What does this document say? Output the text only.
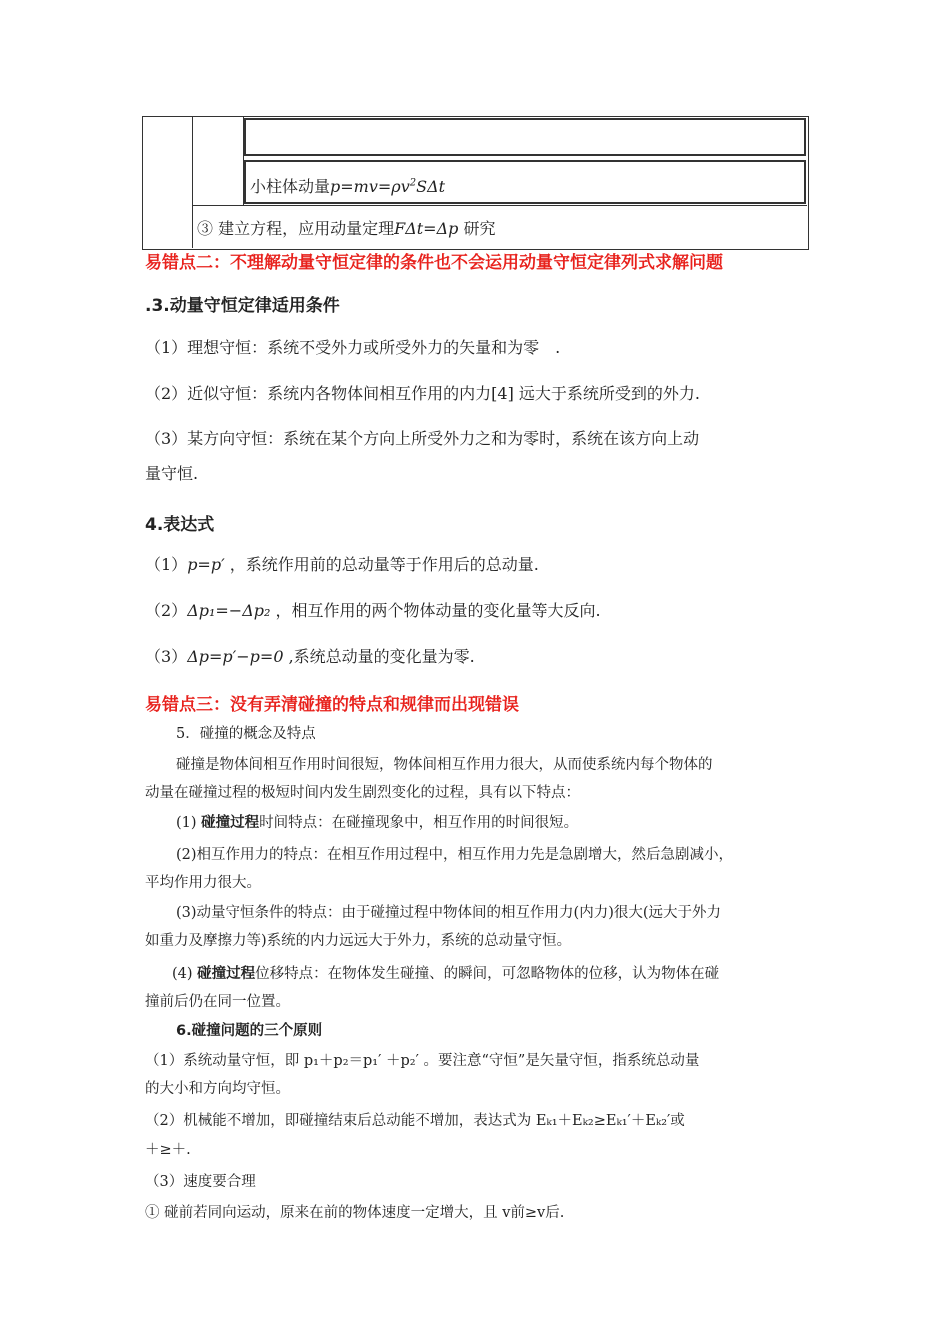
小柱体动量$p=mv=\rho v^2S\Delta t$
③ 建立方程，应用动量定理FΔt=Δp 研究
易错点二：不理解动量守恒定律的条件也不会运用动量守恒定律列式求解问题
.3.动量守恒定律适用条件
（1）理想守恒：系统不受外力或所受外力的矢量和为零　.
（2）近似守恒：系统内各物体间相互作用的内力[4] 远大于系统所受到的外力.
（3）某方向守恒：系统在某个方向上所受外力之和为零时，系统在该方向上动
量守恒.
4.表达式
（1）p=p′ ，系统作用前的总动量等于作用后的总动量.
（2）Δp₁=−Δp₂ ，相互作用的两个物体动量的变化量等大反向.
（3）Δp=p′−p=0 ,系统总动量的变化量为零.
易错点三：没有弄清碰撞的特点和规律而出现错误
5．碰撞的概念及特点
碰撞是物体间相互作用时间很短，物体间相互作用力很大，从而使系统内每个物体的
动量在碰撞过程的极短时间内发生剧烈变化的过程，具有以下特点：
(1) 碰撞过程时间特点：在碰撞现象中，相互作用的时间很短。
(2)相互作用力的特点：在相互作用过程中，相互作用力先是急剧增大，然后急剧减小，
平均作用力很大。
(3)动量守恒条件的特点：由于碰撞过程中物体间的相互作用力(内力)很大(远大于外力
如重力及摩擦力等)系统的内力远远大于外力，系统的总动量守恒。
(4) 碰撞过程位移特点：在物体发生碰撞、的瞬间，可忽略物体的位移，认为物体在碰
撞前后仍在同一位置。
6.碰撞问题的三个原则
（1）系统动量守恒，即 p₁＋p₂＝p₁′ ＋p₂′ 。要注意“守恒”是矢量守恒，指系统总动量
的大小和方向均守恒。
（2）机械能不增加，即碰撞结束后总动能不增加，表达式为 Eₖ₁＋Eₖ₂≥Eₖ₁′＋Eₖ₂′或
＋≥＋.
（3）速度要合理
① 碰前若同向运动，原来在前的物体速度一定增大，且 v前≥v后.
